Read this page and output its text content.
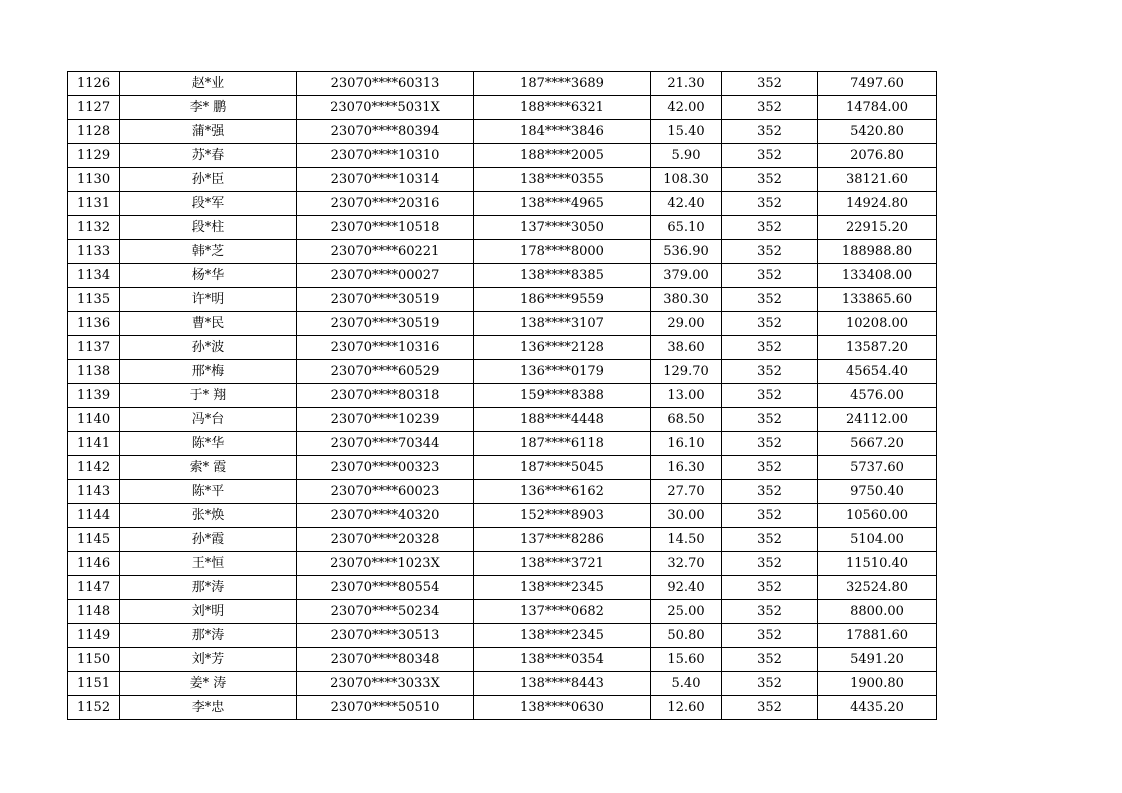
1126	赵*业	23070****60313	187****3689	21.30	352	7497.60
1127	李* 鹏	23070****5031X	188****6321	42.00	352	14784.00
1128	蒲*强	23070****80394	184****3846	15.40	352	5420.80
1129	苏*春	23070****10310	188****2005	5.90	352	2076.80
1130	孙*臣	23070****10314	138****0355	108.30	352	38121.60
1131	段*军	23070****20316	138****4965	42.40	352	14924.80
1132	段*柱	23070****10518	137****3050	65.10	352	22915.20
1133	韩*芝	23070****60221	178****8000	536.90	352	188988.80
1134	杨*华	23070****00027	138****8385	379.00	352	133408.00
1135	许*明	23070****30519	186****9559	380.30	352	133865.60
1136	曹*民	23070****30519	138****3107	29.00	352	10208.00
1137	孙*波	23070****10316	136****2128	38.60	352	13587.20
1138	邢*梅	23070****60529	136****0179	129.70	352	45654.40
1139	于* 翔	23070****80318	159****8388	13.00	352	4576.00
1140	冯*台	23070****10239	188****4448	68.50	352	24112.00
1141	陈*华	23070****70344	187****6118	16.10	352	5667.20
1142	索* 霞	23070****00323	187****5045	16.30	352	5737.60
1143	陈*平	23070****60023	136****6162	27.70	352	9750.40
1144	张*焕	23070****40320	152****8903	30.00	352	10560.00
1145	孙*霞	23070****20328	137****8286	14.50	352	5104.00
1146	王*恒	23070****1023X	138****3721	32.70	352	11510.40
1147	那*涛	23070****80554	138****2345	92.40	352	32524.80
1148	刘*明	23070****50234	137****0682	25.00	352	8800.00
1149	那*涛	23070****30513	138****2345	50.80	352	17881.60
1150	刘*芳	23070****80348	138****0354	15.60	352	5491.20
1151	姜* 涛	23070****3033X	138****8443	5.40	352	1900.80
1152	李*忠	23070****50510	138****0630	12.60	352	4435.20
